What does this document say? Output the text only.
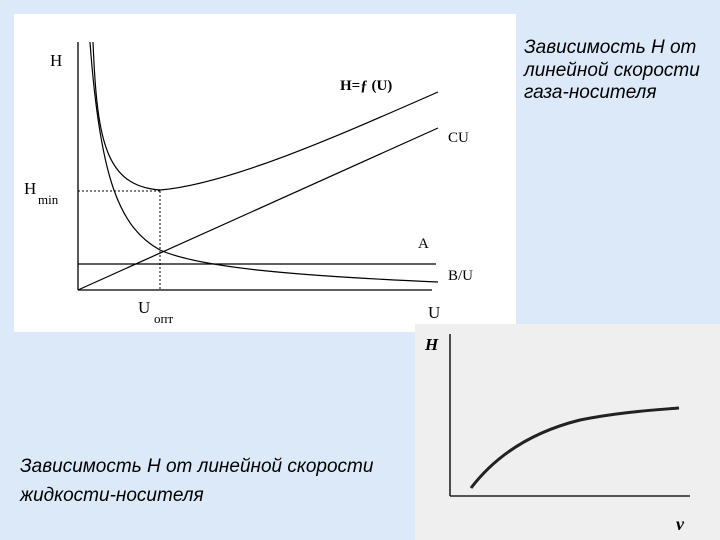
H
U
H
min
U
опт
H=ƒ (U)
CU
A
B/U
H
v
Зависимость Н от линейной скорости газа-носителя
Зависимость Н от линейной скорости жидкости-носителя
